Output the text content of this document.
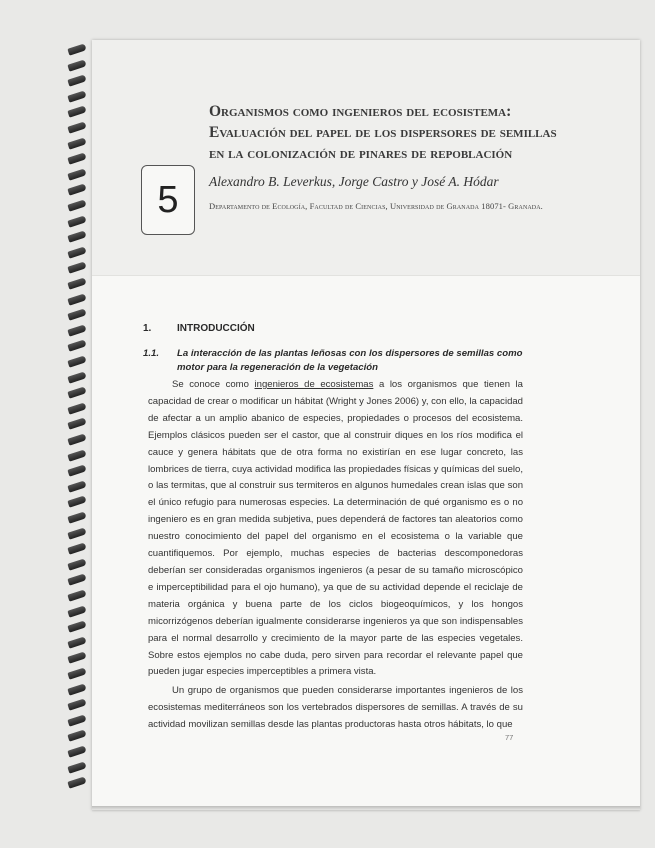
Organismos como ingenieros del ecosistema:
Evaluación del papel de los dispersores de semillas
en la colonización de pinares de repoblación
5 Alexandro B. Leverkus, Jorge Castro y José A. Hódar
Departamento de Ecología, Facultad de Ciencias, Universidad de Granada 18071- Granada.
1.	INTRODUCCIÓN
1.1.	La interacción de las plantas leñosas con los dispersores de semillas como motor para la regeneración de la vegetación

Se conoce como ingenieros de ecosistemas a los organismos que tienen la capacidad de crear o modificar un hábitat (Wright y Jones 2006) y, con ello, la capacidad de afectar a un amplio abanico de especies, propiedades o procesos del ecosistema. Ejemplos clásicos pueden ser el castor, que al construir diques en los ríos modifica el cauce y genera hábitats que de otra forma no existirían en ese lugar concreto, las lombrices de tierra, cuya actividad modifica las propiedades físicas y químicas del suelo, o las termitas, que al construir sus termiteros en algunos humedales crean islas que son el único refugio para numerosas especies. La determinación de qué organismo es o no ingeniero es en gran medida subjetiva, pues dependerá de factores tan aleatorios como nuestro conocimiento del papel del organismo en el ecosistema o la variable que cuantifiquemos. Por ejemplo, muchas especies de bacterias descomponedoras deberían ser consideradas organismos ingenieros (a pesar de su tamaño microscópico e imperceptibilidad para el ojo humano), ya que de su actividad depende el reciclaje de materia orgánica y buena parte de los ciclos biogeoquímicos, y los hongos micorrizógenos deberían igualmente considerarse ingenieros ya que son indispensables para el normal desarrollo y crecimiento de la mayor parte de las especies vegetales. Sobre estos ejemplos no cabe duda, pero sirven para recordar el relevante papel que pueden jugar especies imperceptibles a primera vista.

Un grupo de organismos que pueden considerarse importantes ingenieros de los ecosistemas mediterráneos son los vertebrados dispersores de semillas. A través de su actividad movilizan semillas desde las plantas productoras hasta otros hábitats, lo que

77
